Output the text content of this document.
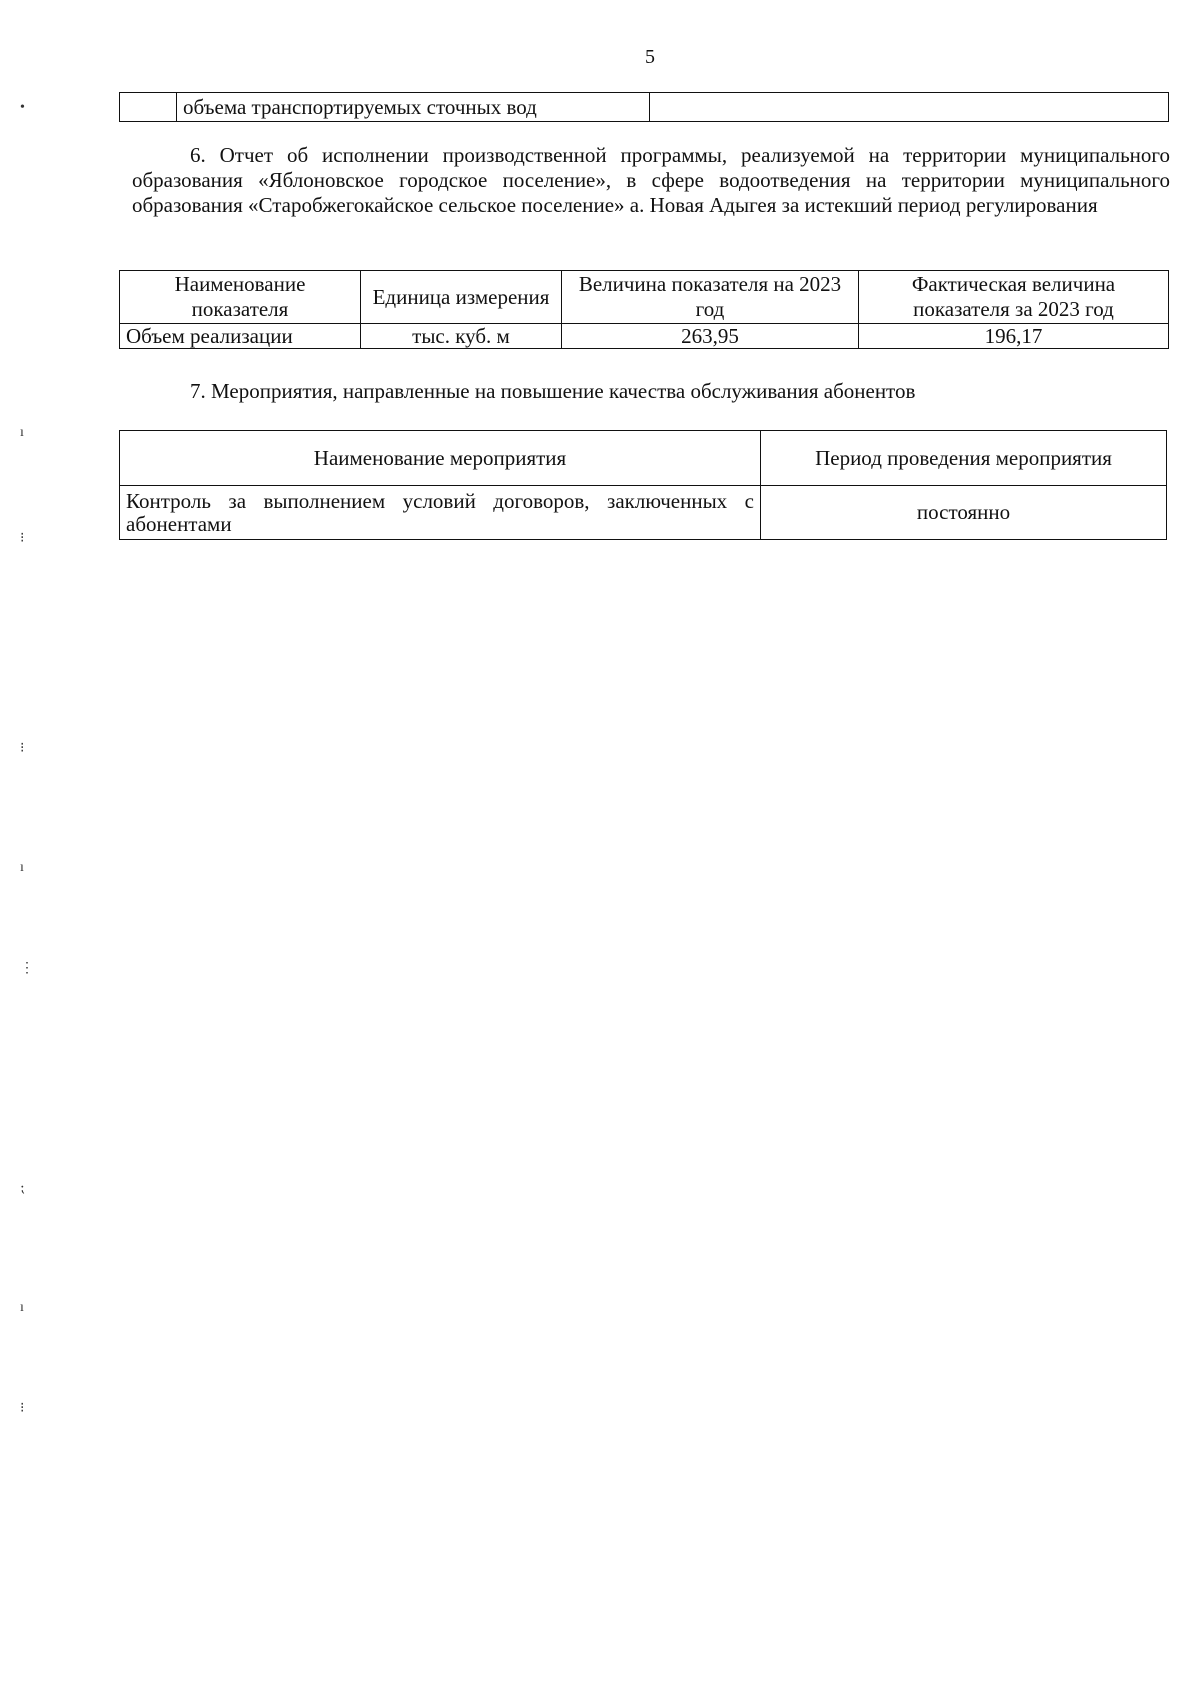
5
	объема транспортируемых сточных вод	
6. Отчет об исполнении производственной программы, реализуемой на территории муниципального образования «Яблоновское городское поселение», в сфере водоотведения на территории муниципального образования «Старобжегокайское сельское поселение» а. Новая Адыгея за истекший период регулирования
Наименование показателя	Единица измерения	Величина показателя на 2023 год	Фактическая величина показателя за 2023 год
Объем реализации	тыс. куб. м	263,95	196,17
7. Мероприятия, направленные на повышение качества обслуживания абонентов
Наименование мероприятия	Период проведения мероприятия
Контроль за выполнением условий договоров, заключенных с абонентами	постоянно
•
ı
⁝
⁝
ı
⋮
⁏
ı
⁝
